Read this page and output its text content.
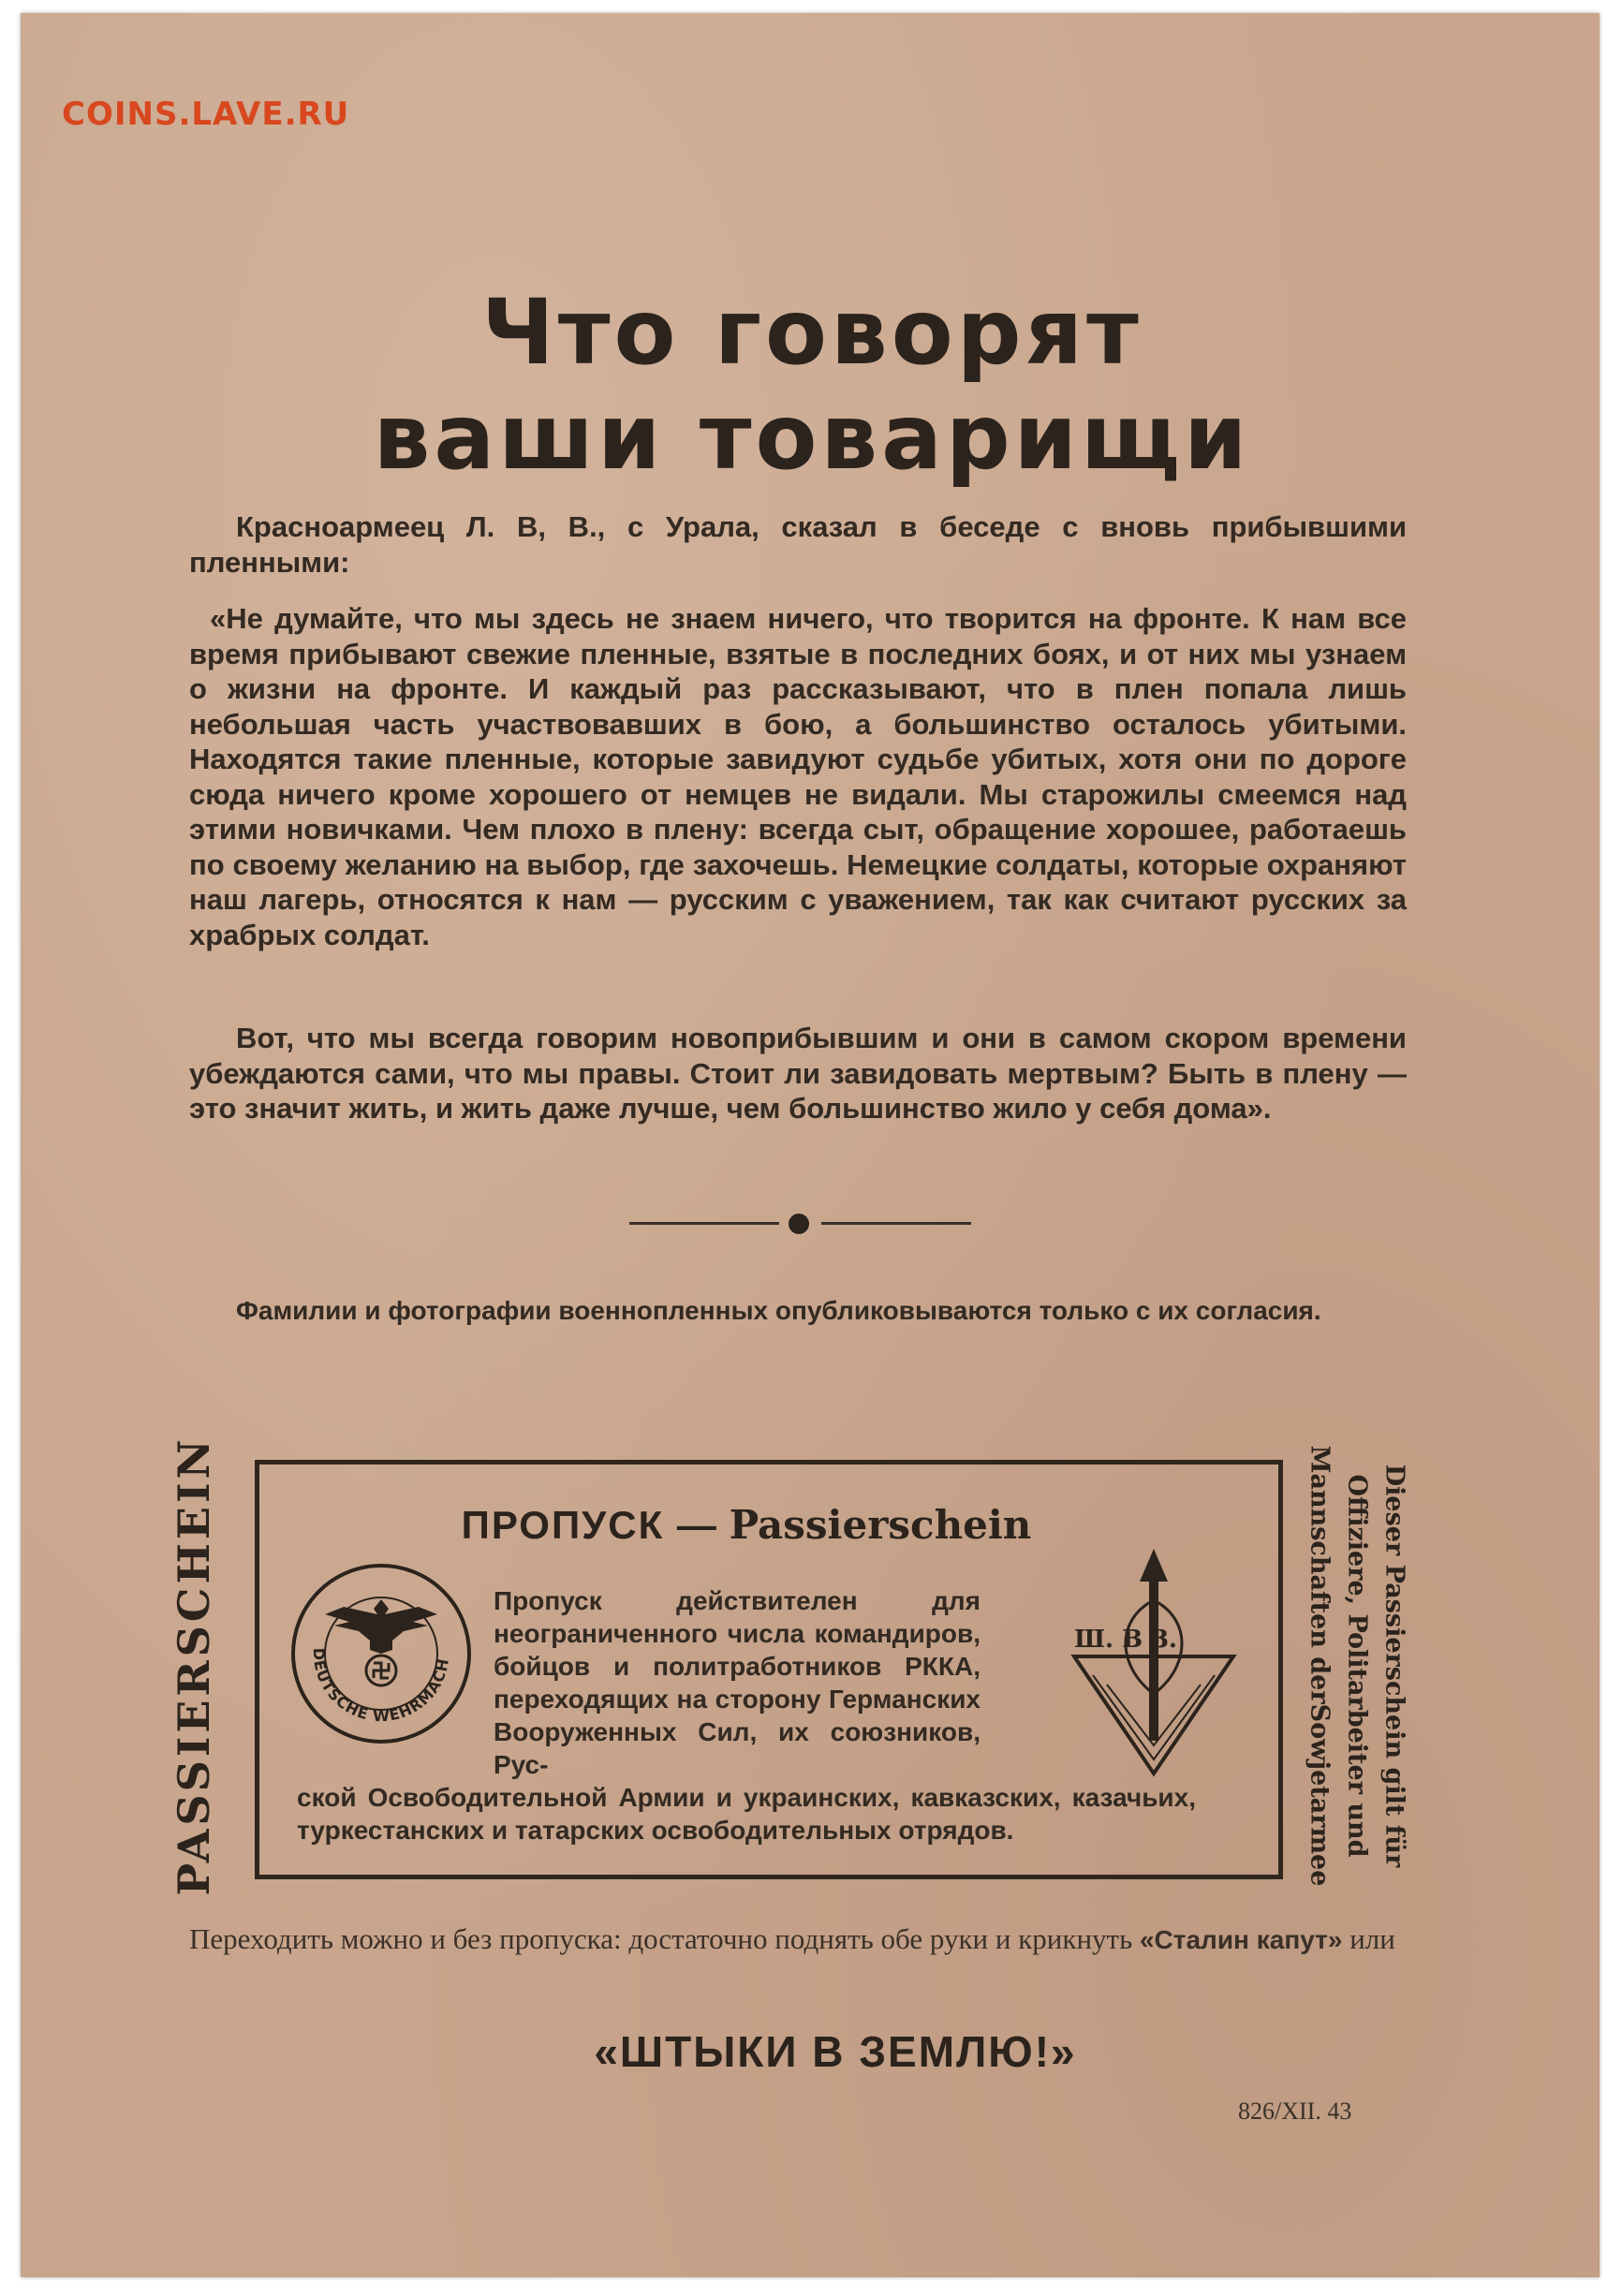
COINS.LAVE.RU
Что говорят
ваши товарищи
Красноармеец Л. В, В., с Урала, сказал в беседе с вновь прибывшими пленными:
«Не думайте, что мы здесь не знаем ничего, что творится на фронте. К нам все время прибывают свежие пленные, взятые в последних боях, и от них мы узнаем о жизни на фронте. И каждый раз рассказывают, что в плен попала лишь небольшая часть участвовавших в бою, а большинство осталось убитыми. Находятся такие пленные, которые завидуют судьбе убитых, хотя они по дороге сюда ничего кроме хорошего от немцев не видали. Мы старожилы смеемся над этими новичками. Чем плохо в плену: всегда сыт, обращение хорошее, работаешь по своему желанию на выбор, где захочешь. Немецкие солдаты, которые охраняют наш лагерь, относятся к нам — русским с уважением, так как считают русских за храбрых солдат.
Вот, что мы всегда говорим новоприбывшим и они в самом скором времени убеждаются сами, что мы правы. Стоит ли завидовать мертвым? Быть в плену — это значит жить, и жить даже лучше, чем большинство жило у себя дома».
Фамилии и фотографии военнопленных опубликовываются только с их согласия.
PASSIERSCHEIN	ПРОПУСК — Passierschein
DEUTSCHE WEHRMACH
Ш. В З.
Пропуск действителен для неограниченного числа командиров, бойцов и политработников РККА, переходящих на сторону Германских Вооруженных Сил, их союзников, Рус-
ской Освободительной Армии и украинских, кавказских, казачьих, туркестанских и татарских освободительных отрядов.	Dieser Passierschein gilt für
Offiziere, Politarbeiter und
Mannschaften derSowjetarmee
Переходить можно и без пропуска: достаточно поднять обе руки и крикнуть «Сталин капут» или
«ШТЫКИ В ЗЕМЛЮ!»
826/XII. 43
